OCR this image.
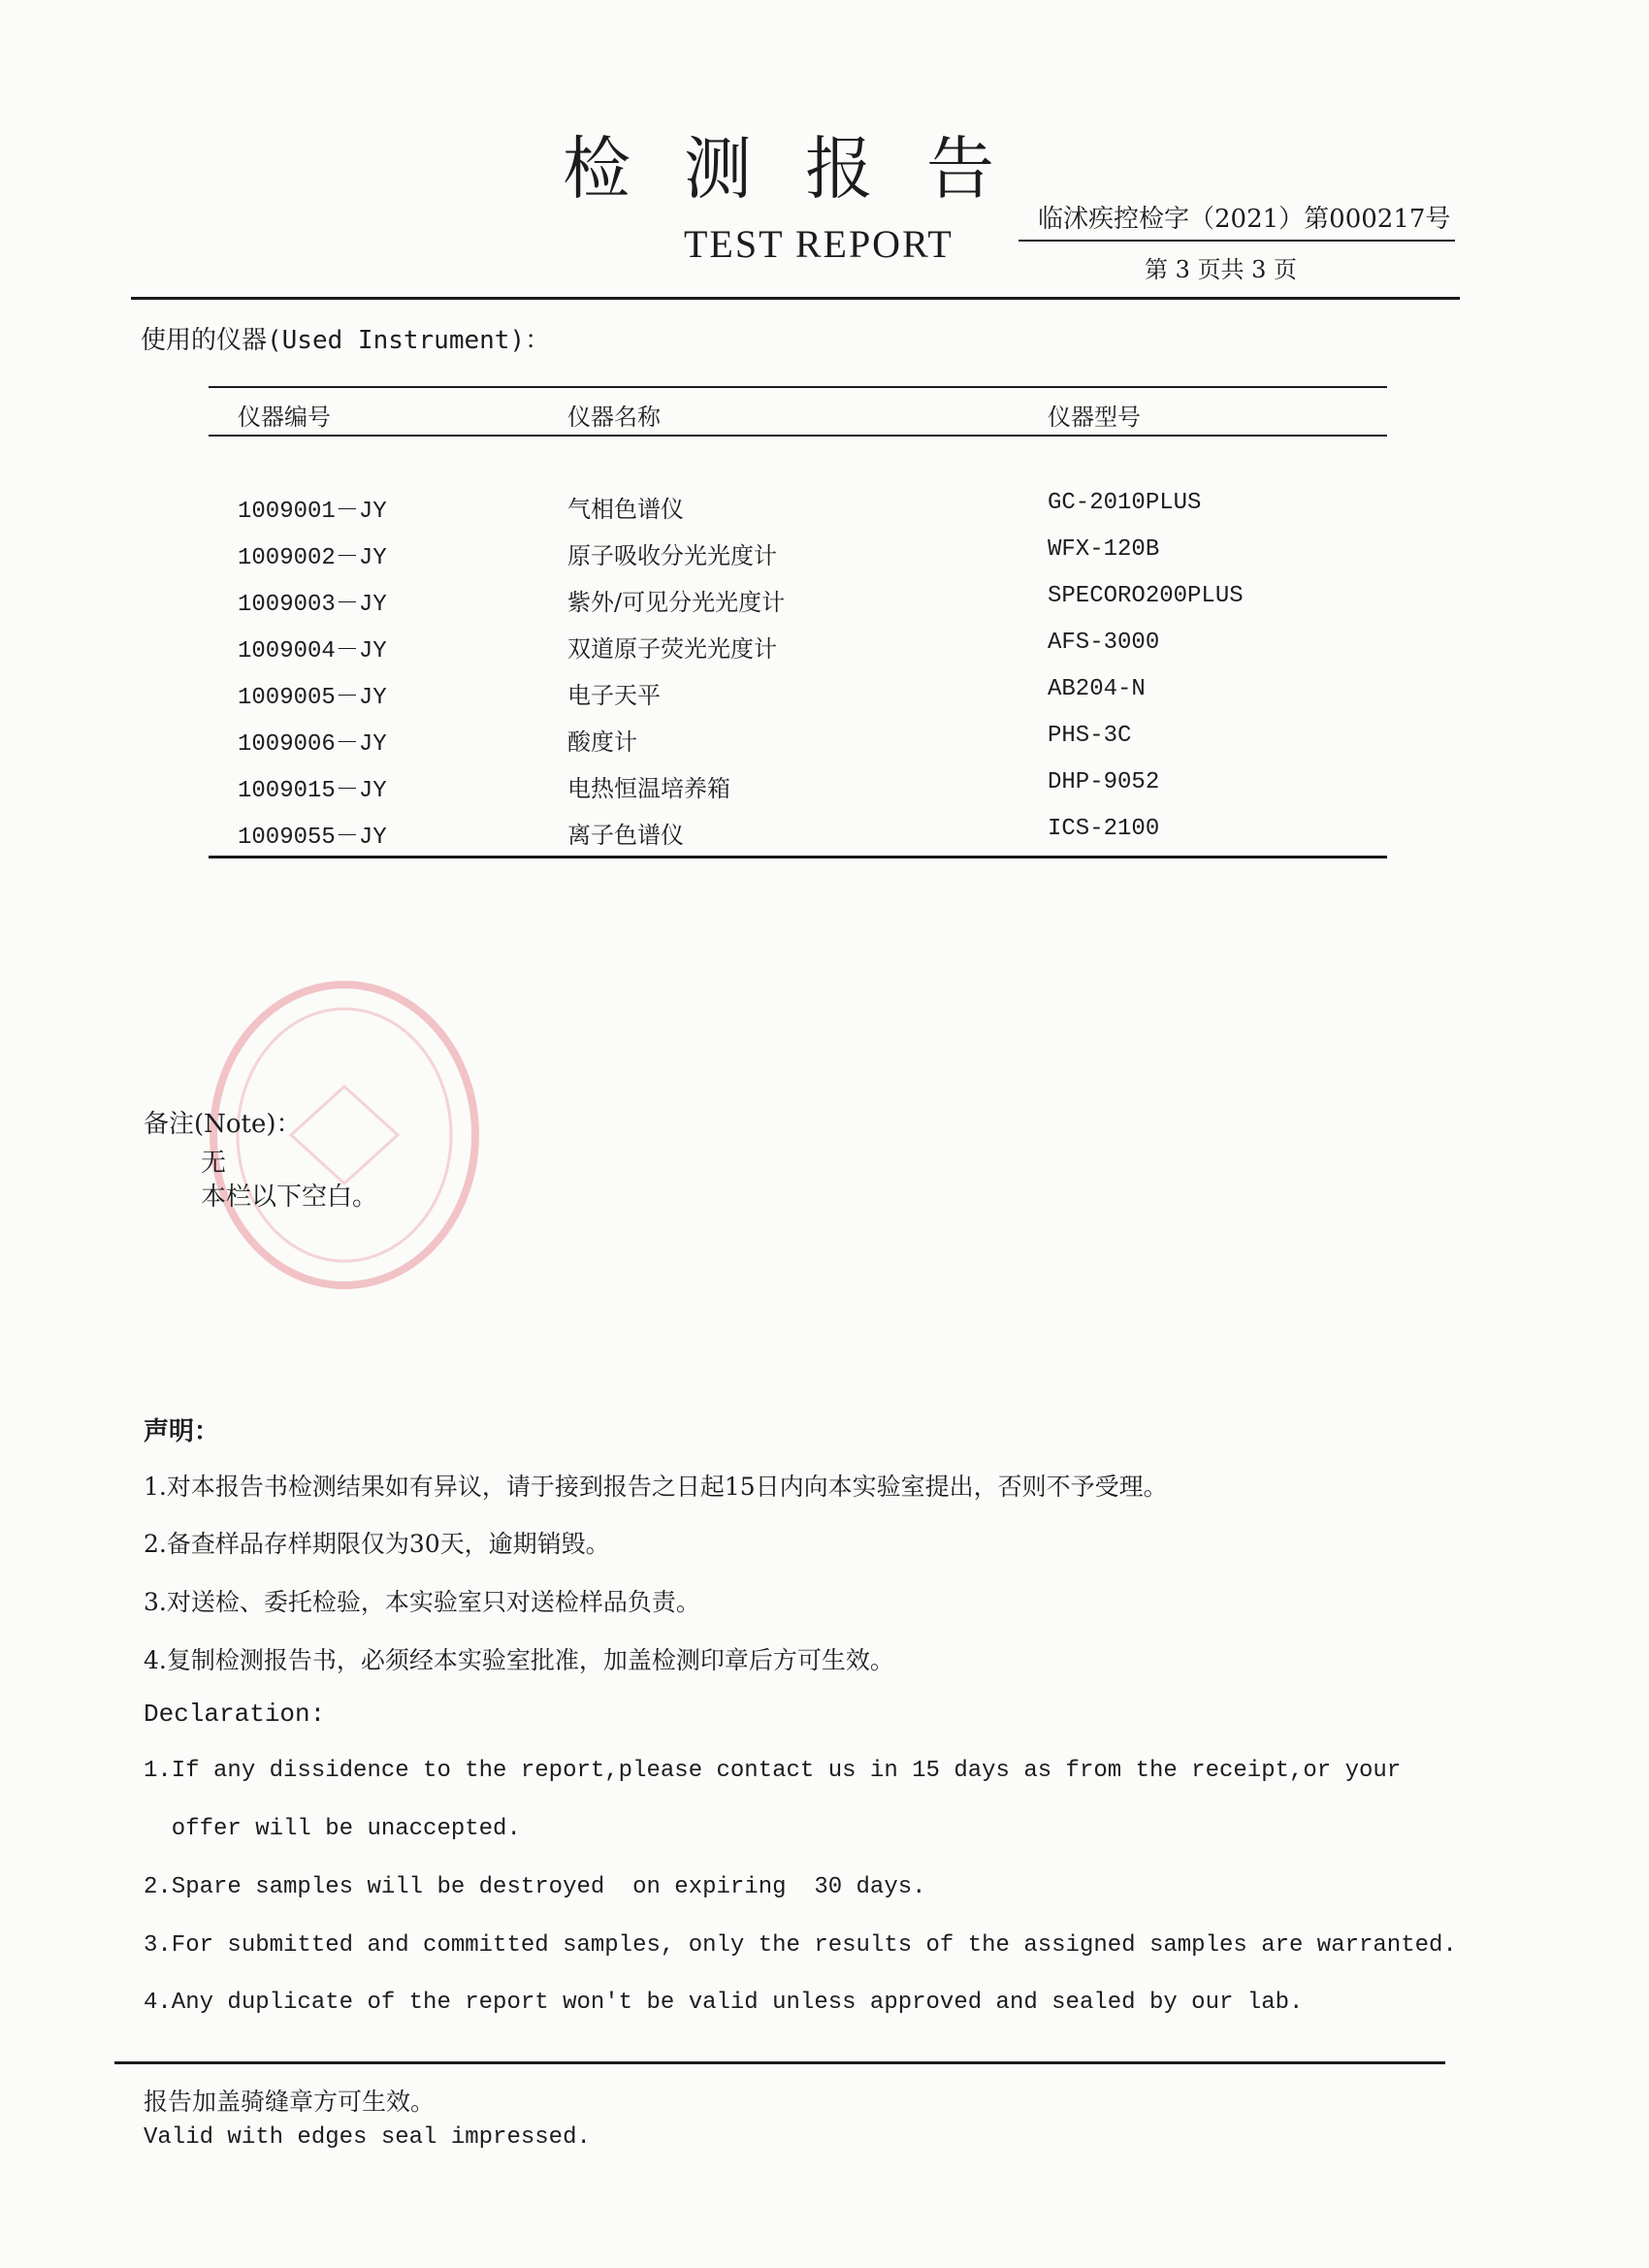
检测报告
TEST REPORT
临沭疾控检字（2021）第000217号
第 3 页共 3 页
使用的仪器(Used Instrument)：
仪器编号	仪器名称	仪器型号
1009001－JY	气相色谱仪	GC-2010PLUS
1009002－JY	原子吸收分光光度计	WFX-120B
1009003－JY	紫外/可见分光光度计	SPECORO200PLUS
1009004－JY	双道原子荧光光度计	AFS-3000
1009005－JY	电子天平	AB204-N
1009006－JY	酸度计	PHS-3C
1009015－JY	电热恒温培养箱	DHP-9052
1009055－JY	离子色谱仪	ICS-2100
备注(Note)：
无
本栏以下空白。
声明：
1.对本报告书检测结果如有异议，请于接到报告之日起15日内向本实验室提出，否则不予受理。
2.备查样品存样期限仅为30天，逾期销毁。
3.对送检、委托检验，本实验室只对送检样品负责。
4.复制检测报告书，必须经本实验室批准，加盖检测印章后方可生效。
Declaration:
1.If any dissidence to the report,please contact us in 15 days as from the receipt,or your
offer will be unaccepted.
2.Spare samples will be destroyed  on expiring  30 days.
3.For submitted and committed samples, only the results of the assigned samples are warranted.
4.Any duplicate of the report won't be valid unless approved and sealed by our lab.
报告加盖骑缝章方可生效。
Valid with edges seal impressed.
